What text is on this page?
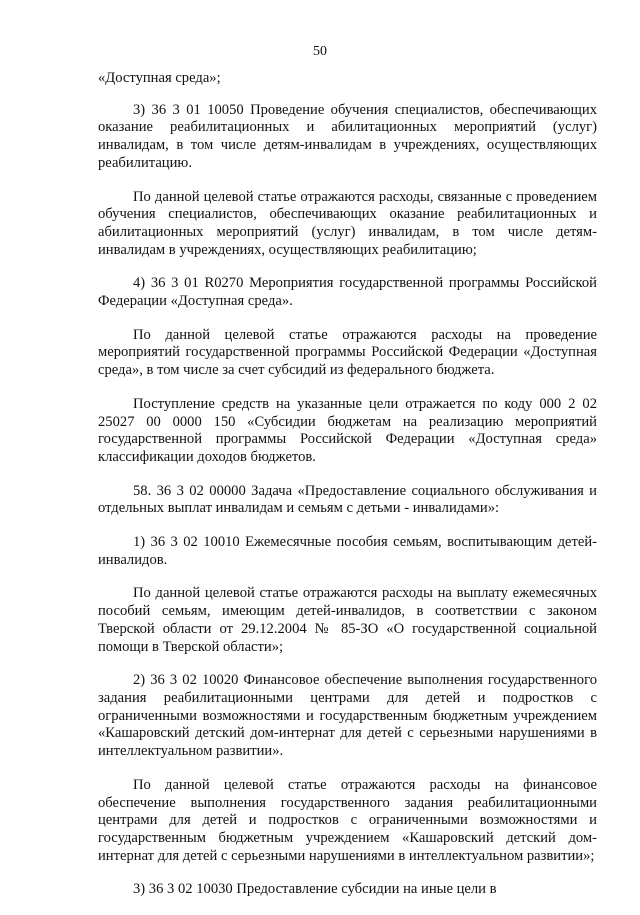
50

«Доступная среда»;

3) 36 3 01 10050 Проведение обучения специалистов, обеспечивающих оказание реабилитационных и абилитационных мероприятий (услуг) инвалидам, в том числе детям-инвалидам в учреждениях, осуществляющих реабилитацию.

По данной целевой статье отражаются расходы, связанные с проведением обучения специалистов, обеспечивающих оказание реабилитационных и абилитационных мероприятий (услуг) инвалидам, в том числе детям-инвалидам в учреждениях, осуществляющих реабилитацию;

4) 36 3 01 R0270 Мероприятия государственной программы Российской Федерации «Доступная среда».

По данной целевой статье отражаются расходы на проведение мероприятий государственной программы Российской Федерации «Доступная среда», в том числе за счет субсидий из федерального бюджета.

Поступление средств на указанные цели отражается по коду 000 2 02 25027 00 0000 150 «Субсидии бюджетам на реализацию мероприятий государственной программы Российской Федерации «Доступная среда» классификации доходов бюджетов.

58. 36 3 02 00000 Задача «Предоставление социального обслуживания и отдельных выплат инвалидам и семьям с детьми - инвалидами»:

1) 36 3 02 10010 Ежемесячные пособия семьям, воспитывающим детей-инвалидов.

По данной целевой статье отражаются расходы на выплату ежемесячных пособий семьям, имеющим детей-инвалидов, в соответствии с законом Тверской области от 29.12.2004 № 85-ЗО «О государственной социальной помощи в Тверской области»;

2) 36 3 02 10020 Финансовое обеспечение выполнения государственного задания реабилитационными центрами для детей и подростков с ограниченными возможностями и государственным бюджетным учреждением «Кашаровский детский дом-интернат для детей с серьезными нарушениями в интеллектуальном развитии».

По данной целевой статье отражаются расходы на финансовое обеспечение выполнения государственного задания реабилитационными центрами для детей и подростков с ограниченными возможностями и государственным бюджетным учреждением «Кашаровский детский дом-интернат для детей с серьезными нарушениями в интеллектуальном развитии»;

3) 36 3 02 10030 Предоставление субсидии на иные цели в
